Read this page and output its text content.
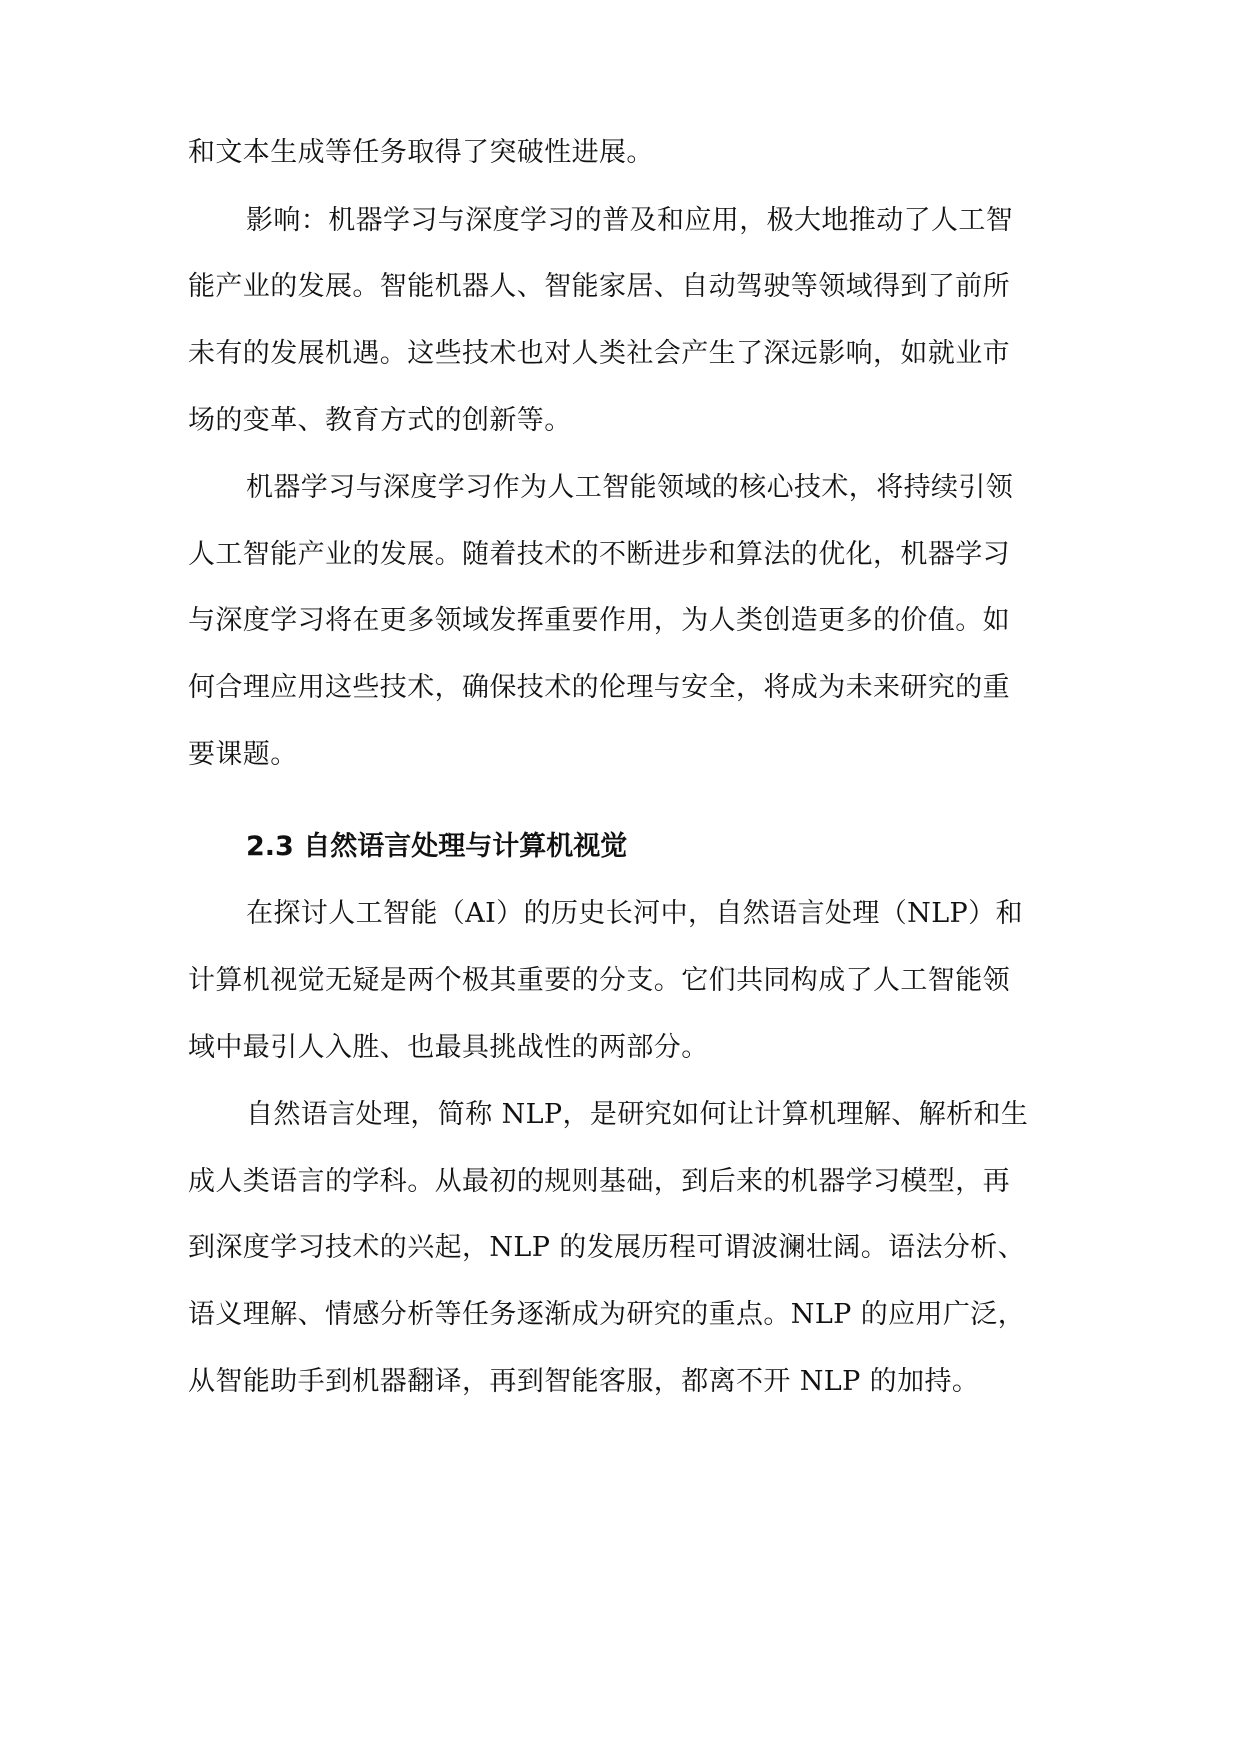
和文本生成等任务取得了突破性进展。
影响：机器学习与深度学习的普及和应用，极大地推动了人工智
能产业的发展。智能机器人、智能家居、自动驾驶等领域得到了前所
未有的发展机遇。这些技术也对人类社会产生了深远影响，如就业市
场的变革、教育方式的创新等。
机器学习与深度学习作为人工智能领域的核心技术，将持续引领
人工智能产业的发展。随着技术的不断进步和算法的优化，机器学习
与深度学习将在更多领域发挥重要作用，为人类创造更多的价值。如
何合理应用这些技术，确保技术的伦理与安全，将成为未来研究的重
要课题。
2.3 自然语言处理与计算机视觉
在探讨人工智能（AI）的历史长河中，自然语言处理（NLP）和
计算机视觉无疑是两个极其重要的分支。它们共同构成了人工智能领
域中最引人入胜、也最具挑战性的两部分。
自然语言处理，简称 NLP，是研究如何让计算机理解、解析和生
成人类语言的学科。从最初的规则基础，到后来的机器学习模型，再
到深度学习技术的兴起，NLP 的发展历程可谓波澜壮阔。语法分析、
语义理解、情感分析等任务逐渐成为研究的重点。NLP 的应用广泛，
从智能助手到机器翻译，再到智能客服，都离不开 NLP 的加持。
